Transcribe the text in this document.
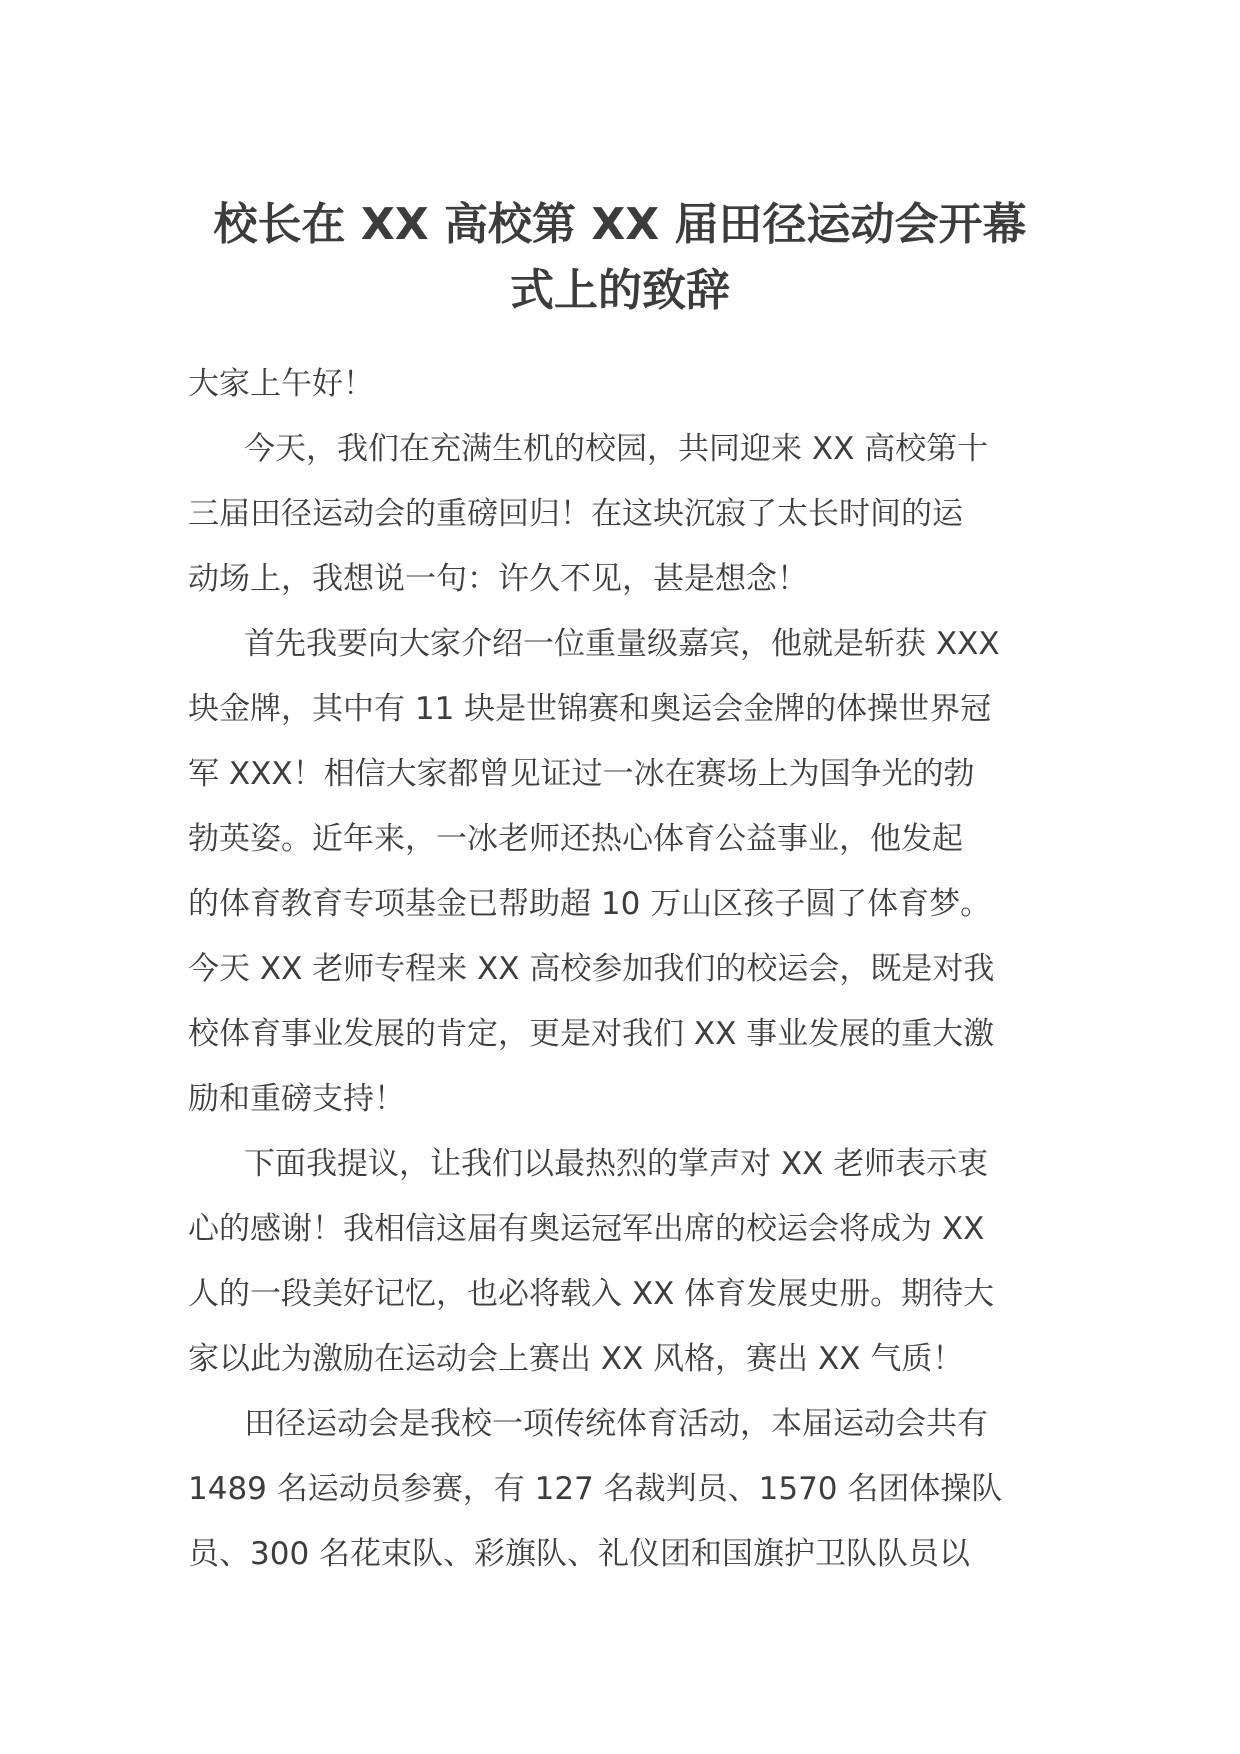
校长在 XX 高校第 XX 届田径运动会开幕
式上的致辞
大家上午好！
今天，我们在充满生机的校园，共同迎来 XX 高校第十
三届田径运动会的重磅回归！在这块沉寂了太长时间的运
动场上，我想说一句：许久不见，甚是想念！
首先我要向大家介绍一位重量级嘉宾，他就是斩获 XXX
块金牌，其中有 11 块是世锦赛和奥运会金牌的体操世界冠
军 XXX！相信大家都曾见证过一冰在赛场上为国争光的勃
勃英姿。近年来，一冰老师还热心体育公益事业，他发起
的体育教育专项基金已帮助超 10 万山区孩子圆了体育梦。
今天 XX 老师专程来 XX 高校参加我们的校运会，既是对我
校体育事业发展的肯定，更是对我们 XX 事业发展的重大激
励和重磅支持！
下面我提议，让我们以最热烈的掌声对 XX 老师表示衷
心的感谢！我相信这届有奥运冠军出席的校运会将成为 XX
人的一段美好记忆，也必将载入 XX 体育发展史册。期待大
家以此为激励在运动会上赛出 XX 风格，赛出 XX 气质！
田径运动会是我校一项传统体育活动，本届运动会共有
1489 名运动员参赛，有 127 名裁判员、1570 名团体操队
员、300 名花束队、彩旗队、礼仪团和国旗护卫队队员以
